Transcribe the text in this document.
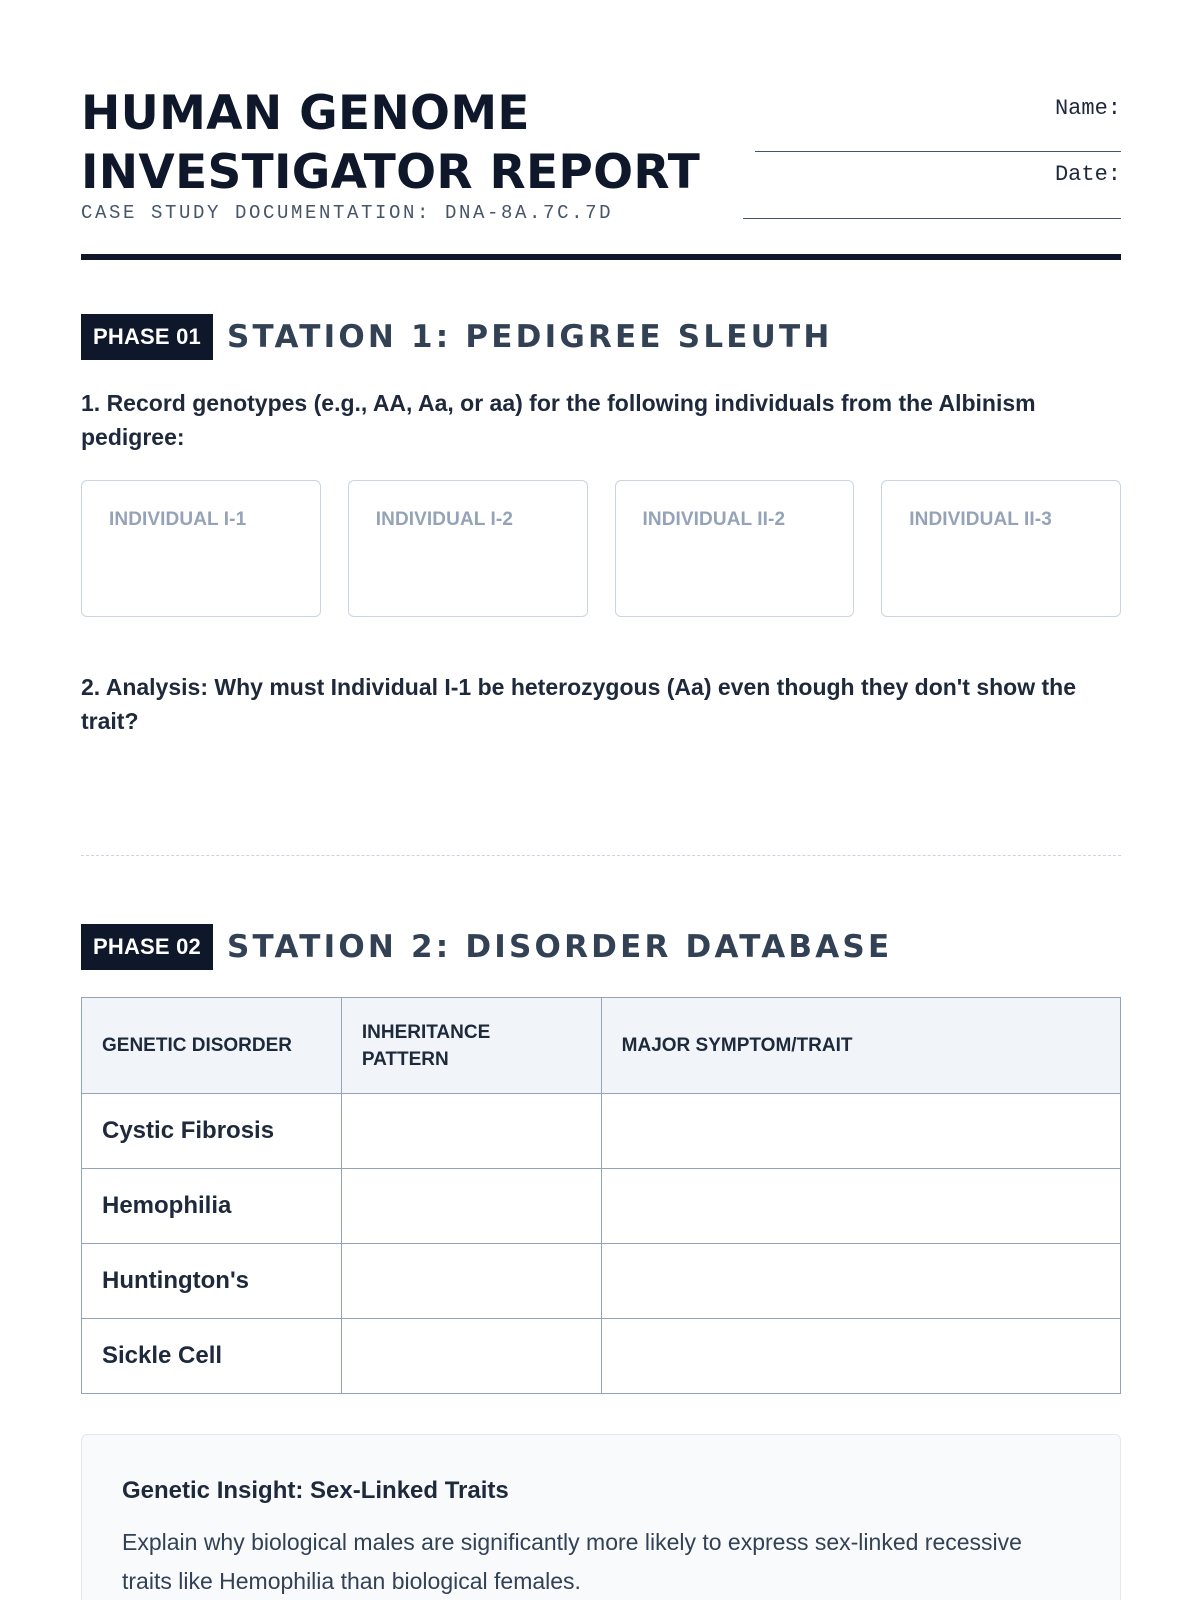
HUMAN GENOME
INVESTIGATOR REPORT
CASE STUDY DOCUMENTATION: DNA-8A.7C.7D
Name:
Date:
PHASE 01 STATION 1: PEDIGREE SLEUTH
1. Record genotypes (e.g., AA, Aa, or aa) for the following individuals from the Albinism pedigree:
INDIVIDUAL I-1	INDIVIDUAL I-2	INDIVIDUAL II-2	INDIVIDUAL II-3
2. Analysis: Why must Individual I-1 be heterozygous (Aa) even though they don't show the trait?
PHASE 02 STATION 2: DISORDER DATABASE
GENETIC DISORDER	INHERITANCE PATTERN	MAJOR SYMPTOM/TRAIT
Cystic Fibrosis		
Hemophilia		
Huntington's		
Sickle Cell		
Genetic Insight: Sex-Linked Traits
Explain why biological males are significantly more likely to express sex-linked recessive traits like Hemophilia than biological females.
